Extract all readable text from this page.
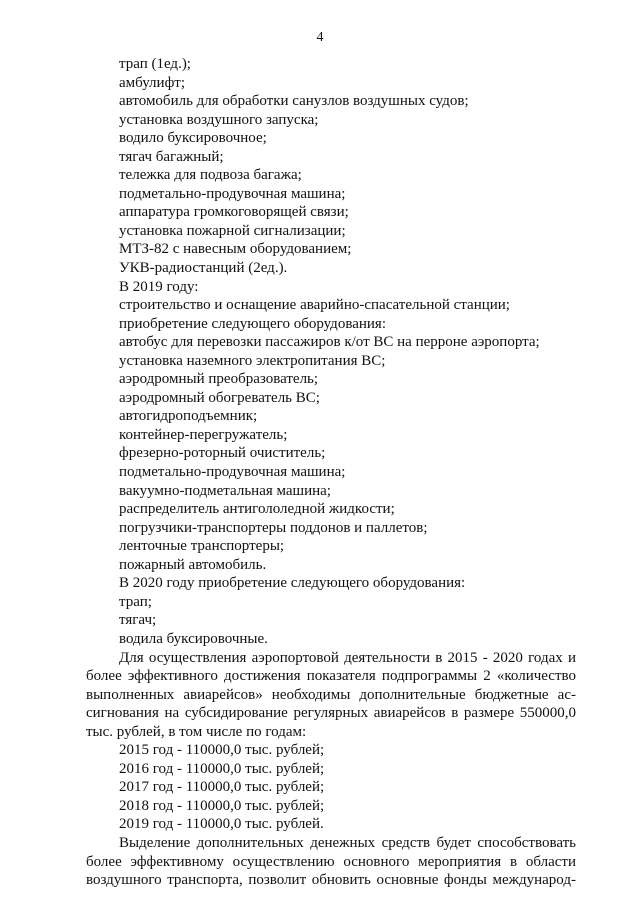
4
трап (1ед.);
амбулифт;
автомобиль для обработки санузлов воздушных судов;
установка воздушного запуска;
водило буксировочное;
тягач багажный;
тележка для подвоза багажа;
подметально-продувочная машина;
аппаратура громкоговорящей связи;
установка пожарной сигнализации;
МТЗ-82 с навесным оборудованием;
УКВ-радиостанций (2ед.).
В 2019 году:
строительство и оснащение аварийно-спасательной станции;
приобретение следующего оборудования:
автобус для перевозки пассажиров к/от ВС на перроне аэропорта;
установка наземного электропитания ВС;
аэродромный преобразователь;
аэродромный обогреватель ВС;
автогидроподъемник;
контейнер-перегружатель;
фрезерно-роторный очиститель;
подметально-продувочная машина;
вакуумно-подметальная машина;
распределитель антигололедной жидкости;
погрузчики-транспортеры поддонов и паллетов;
ленточные транспортеры;
пожарный автомобиль.
В 2020 году приобретение следующего оборудования:
трап;
тягач;
водила буксировочные.
Для осуществления аэропортовой деятельности в 2015 - 2020 годах и
более эффективного достижения показателя подпрограммы 2 «количество
выполненных авиарейсов» необходимы дополнительные бюджетные ас-
сигнования на субсидирование регулярных авиарейсов в размере 550000,0
тыс. рублей, в том числе по годам:
2015 год - 110000,0 тыс. рублей;
2016 год - 110000,0 тыс. рублей;
2017 год - 110000,0 тыс. рублей;
2018 год - 110000,0 тыс. рублей;
2019 год - 110000,0 тыс. рублей.
Выделение дополнительных денежных средств будет способствовать
более эффективному осуществлению основного мероприятия в области
воздушного транспорта, позволит обновить основные фонды международ-
